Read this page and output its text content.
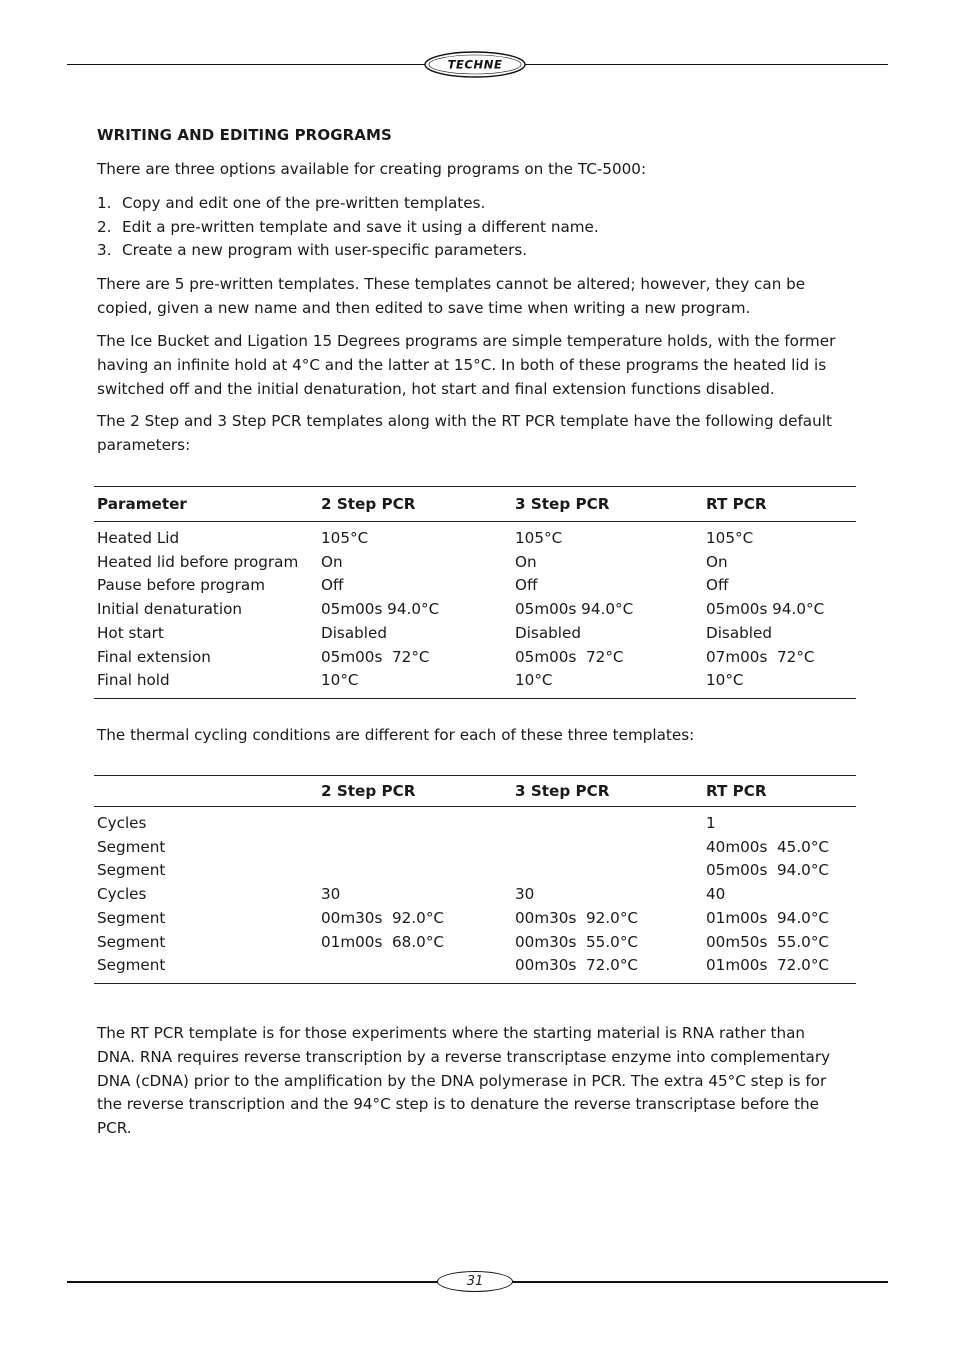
TECHNE
WRITING AND EDITING PROGRAMS

There are three options available for creating programs on the TC-5000:

1. Copy and edit one of the pre-written templates.
2. Edit a pre-written template and save it using a different name.
3. Create a new program with user-specific parameters.

There are 5 pre-written templates. These templates cannot be altered; however, they can be copied, given a new name and then edited to save time when writing a new program.

The Ice Bucket and Ligation 15 Degrees programs are simple temperature holds, with the former having an infinite hold at 4°C and the latter at 15°C. In both of these programs the heated lid is switched off and the initial denaturation, hot start and final extension functions disabled.

The 2 Step and 3 Step PCR templates along with the RT PCR template have the following default parameters:

Parameter	2 Step PCR	3 Step PCR	RT PCR
Heated Lid	105°C	105°C	105°C
Heated lid before program	On	On	On
Pause before program	Off	Off	Off
Initial denaturation	05m00s 94.0°C	05m00s 94.0°C	05m00s 94.0°C
Hot start	Disabled	Disabled	Disabled
Final extension	05m00s  72°C	05m00s  72°C	07m00s  72°C
Final hold	10°C	10°C	10°C

The thermal cycling conditions are different for each of these three templates:

	2 Step PCR	3 Step PCR	RT PCR
Cycles			1
Segment			40m00s  45.0°C
Segment			05m00s  94.0°C
Cycles	30	30	40
Segment	00m30s  92.0°C	00m30s  92.0°C	01m00s  94.0°C
Segment	01m00s  68.0°C	00m30s  55.0°C	00m50s  55.0°C
Segment		00m30s  72.0°C	01m00s  72.0°C

The RT PCR template is for those experiments where the starting material is RNA rather than DNA. RNA requires reverse transcription by a reverse transcriptase enzyme into complementary DNA (cDNA) prior to the amplification by the DNA polymerase in PCR. The extra 45°C step is for the reverse transcription and the 94°C step is to denature the reverse transcriptase before the PCR.

31
